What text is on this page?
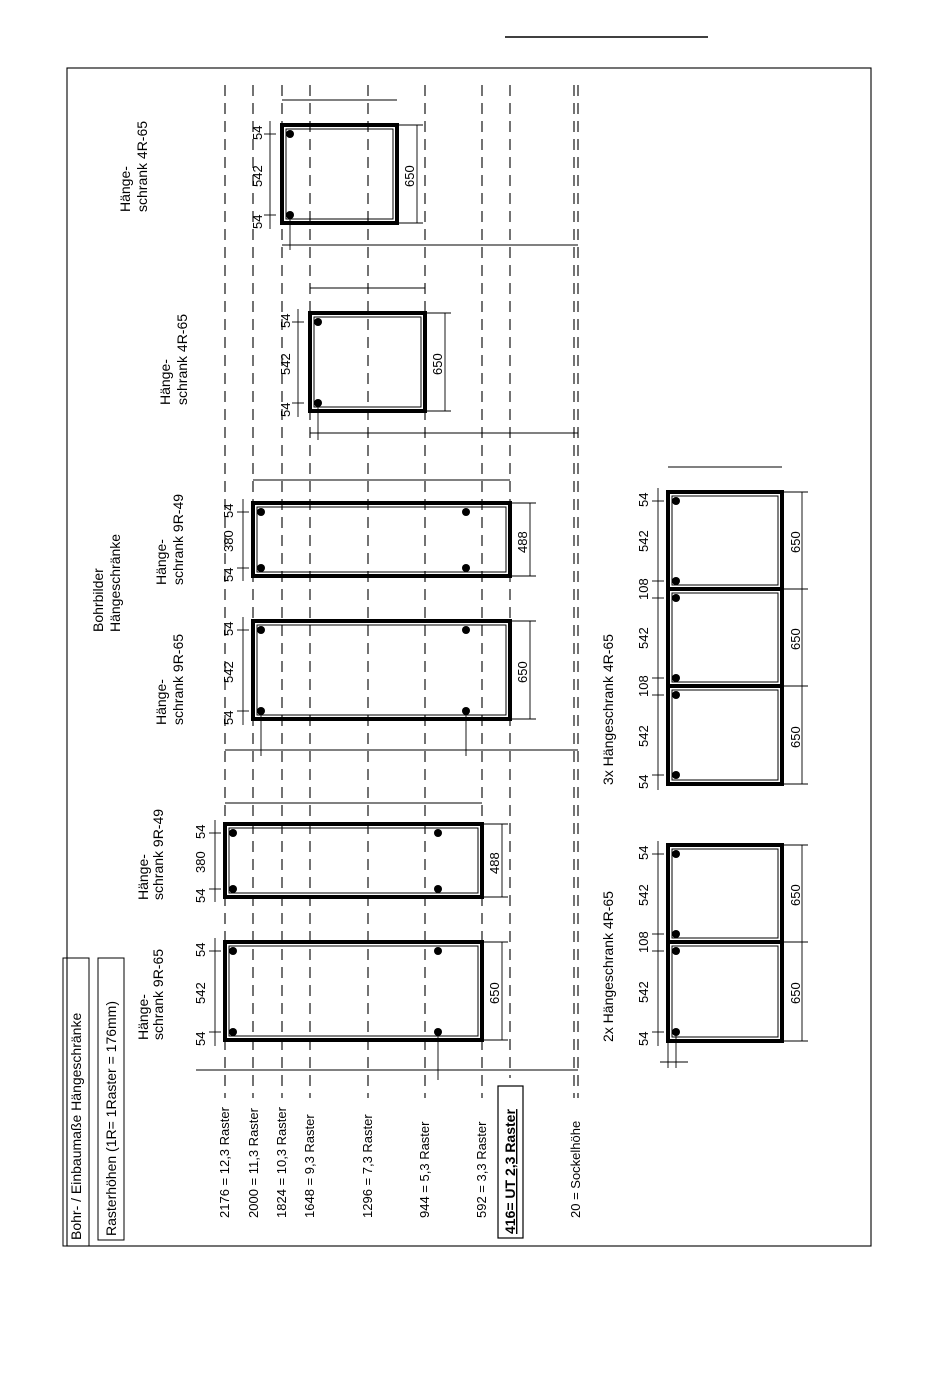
Bohr- / Einbaumaße Hängeschränke Rasterhöhen (1R= 1Raster = 176mm)	2176 = 12,3 Raster 2000 = 11,3 Raster 1824 = 10,3 Raster 1648 = 9,3 Raster	1296 = 7,3 Raster	944 = 5,3 Raster	592 = 3,3 Raster 416= UT 2,3 Raster	20 = Sockelhöhe
Bohrbilder Hängeschränke
Hänge- schrank 9R-65 54
542
54
650
Hänge- schrank 9R-49 54
380
54
488
Hänge- schrank 9R-65
54
542
54
650
Hänge- schrank 9R-49	54
380
54
488
Hänge- schrank 4R-65	54
542
54
650
Hänge- schrank 4R-65	54
542
54
650
3x Hängeschrank 4R-65
54
542
108
542
108
542
54
650
650
650
2x Hängeschrank 4R-65
54
542
108
542
54
650
650
